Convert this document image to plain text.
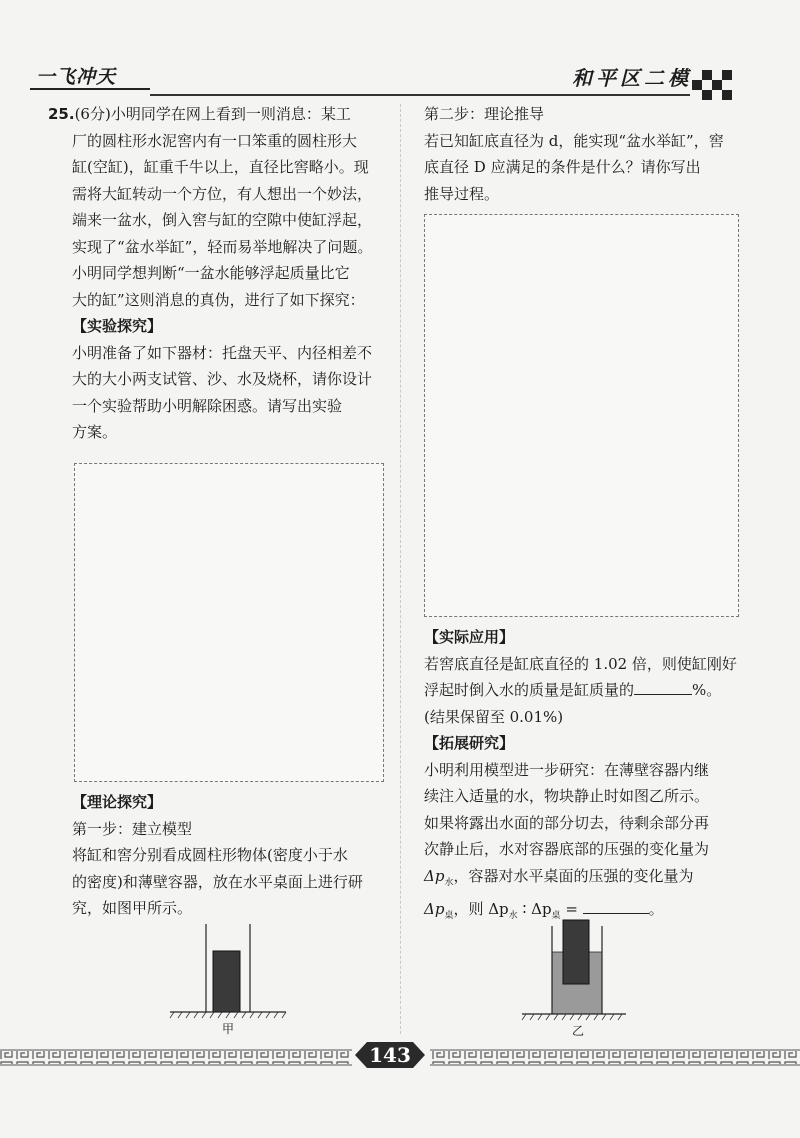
一飞冲天	和平区二模

25.(6分)小明同学在网上看到一则消息：某工

厂的圆柱形水泥窖内有一口笨重的圆柱形大

缸(空缸)，缸重千牛以上，直径比窖略小。现

需将大缸转动一个方位，有人想出一个妙法，

端来一盆水，倒入窖与缸的空隙中使缸浮起，

实现了“盆水举缸”，轻而易举地解决了问题。

小明同学想判断“一盆水能够浮起质量比它

大的缸”这则消息的真伪，进行了如下探究：

【实验探究】

小明准备了如下器材：托盘天平、内径相差不

大的大小两支试管、沙、水及烧杯，请你设计

一个实验帮助小明解除困惑。请写出实验

方案。

【理论探究】

第一步：建立模型

将缸和窖分别看成圆柱形物体(密度小于水

的密度)和薄壁容器，放在水平桌面上进行研

究，如图甲所示。

甲

第二步：理论推导

若已知缸底直径为 d，能实现“盆水举缸”，窖

底直径 D 应满足的条件是什么？请你写出

推导过程。

【实际应用】

若窖底直径是缸底直径的 1.02 倍，则使缸刚好

浮起时倒入水的质量是缸质量的	%。

(结果保留至 0.01%)

【拓展研究】

小明利用模型进一步研究：在薄壁容器内继

续注入适量的水，物块静止时如图乙所示。

如果将露出水面的部分切去，待剩余部分再

次静止后，水对容器底部的压强的变化量为

$\Delta p_水$，容器对水平桌面的压强的变化量为

$\Delta p_桌$，则 $\Delta p_水$ ∶ $\Delta p_桌$ =	。

乙
143
